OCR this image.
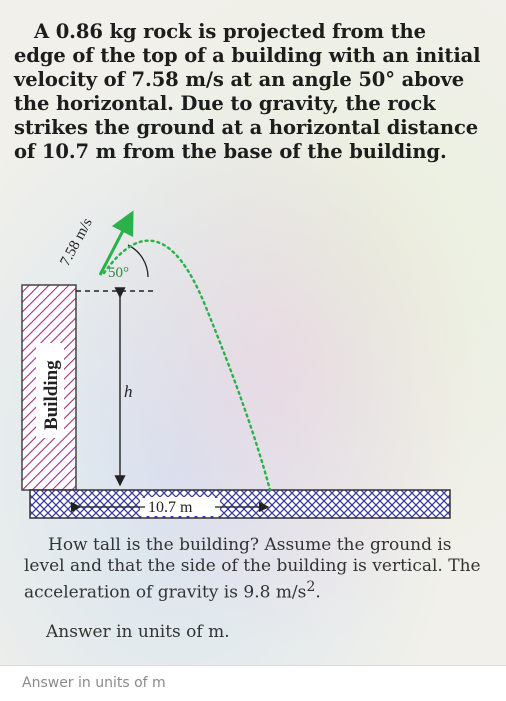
A 0.86 kg rock is projected from the edge of the top of a building with an initial velocity of 7.58 m/s at an angle 50° above the horizontal. Due to gravity, the rock strikes the ground at a horizontal distance of 10.7 m from the base of the building.

Building	h
7.58 m/s
50°
10.7 m

How tall is the building? Assume the ground is level and that the side of the building is vertical. The acceleration of gravity is 9.8 $m/s^2$.

Answer in units of m.

Answer in units of m
